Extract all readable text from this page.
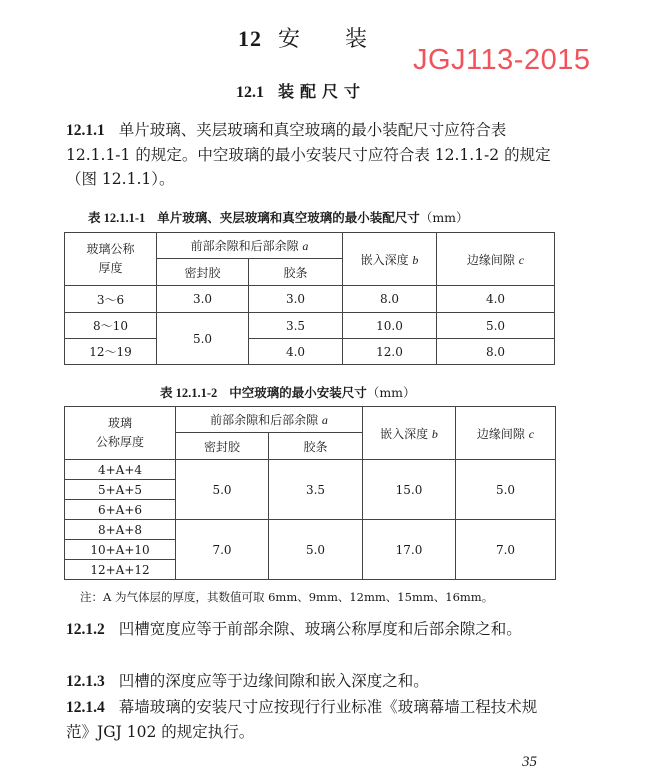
12 安 装
JGJ113-2015
12.1 装配尺寸
12.1.1 单片玻璃、夹层玻璃和真空玻璃的最小装配尺寸应符合表 12.1.1-1 的规定。中空玻璃的最小安装尺寸应符合表 12.1.1-2 的规定（图 12.1.1）。
表 12.1.1-1 单片玻璃、夹层玻璃和真空玻璃的最小装配尺寸（mm）
玻璃公称
厚度	前部余隙和后部余隙 a		嵌入深度 b	边缘间隙 c
	密封胶	胶条		
3～6	3.0	3.0	8.0	4.0
8～10	5.0	3.5	10.0	5.0
12～19		4.0	12.0	8.0
表 12.1.1-2 中空玻璃的最小安装尺寸（mm）
玻璃
公称厚度	前部余隙和后部余隙 a		嵌入深度 b	边缘间隙 c
	密封胶	胶条		
4+A+4	5.0	3.5	15.0	5.0
5+A+5				
6+A+6				
8+A+8	7.0	5.0	17.0	7.0
10+A+10				
12+A+12				
注：A 为气体层的厚度，其数值可取 6mm、9mm、12mm、15mm、16mm。
12.1.2 凹槽宽度应等于前部余隙、玻璃公称厚度和后部余隙之和。
12.1.3 凹槽的深度应等于边缘间隙和嵌入深度之和。
12.1.4 幕墙玻璃的安装尺寸应按现行行业标准《玻璃幕墙工程技术规范》JGJ 102 的规定执行。
35
